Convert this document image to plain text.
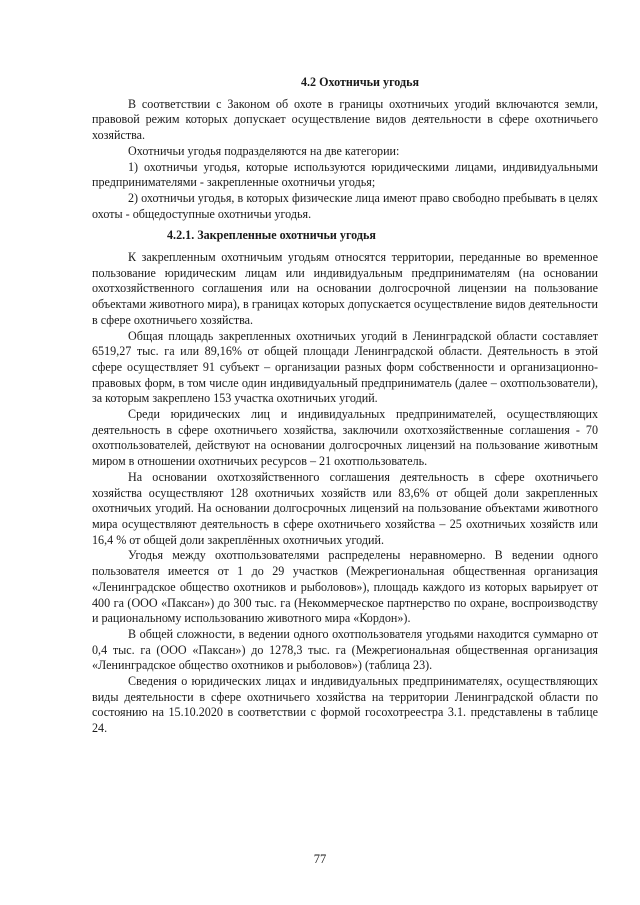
4.2 Охотничьи угодья

В соответствии с Законом об охоте в границы охотничьих угодий включаются земли, правовой режим которых допускает осуществление видов деятельности в сфере охотничьего хозяйства.

Охотничьи угодья подразделяются на две категории:

1) охотничьи угодья, которые используются юридическими лицами, индивидуальными предпринимателями - закрепленные охотничьи угодья;

2) охотничьи угодья, в которых физические лица имеют право свободно пребывать в целях охоты - общедоступные охотничьи угодья.

4.2.1. Закрепленные охотничьи угодья

К закрепленным охотничьим угодьям относятся территории, переданные во временное пользование юридическим лицам или индивидуальным предпринимателям (на основании охотхозяйственного соглашения или на основании долгосрочной лицензии на пользование объектами животного мира), в границах которых допускается осуществление видов деятельности в сфере охотничьего хозяйства.

Общая площадь закрепленных охотничьих угодий в Ленинградской области составляет 6519,27 тыс. га или 89,16% от общей площади Ленинградской области. Деятельность в этой сфере осуществляет 91 субъект – организации разных форм собственности и организационно-правовых форм, в том числе один индивидуальный предприниматель (далее – охотпользователи), за которым закреплено 153 участка охотничьих угодий.

Среди юридических лиц и индивидуальных предпринимателей, осуществляющих деятельность в сфере охотничьего хозяйства, заключили охотхозяйственные соглашения - 70 охотпользователей, действуют на основании долгосрочных лицензий на пользование животным миром в отношении охотничьих ресурсов – 21 охотпользователь.

На основании охотхозяйственного соглашения деятельность в сфере охотничьего хозяйства осуществляют 128 охотничьих хозяйств или 83,6% от общей доли закрепленных охотничьих угодий. На основании долгосрочных лицензий на пользование объектами животного мира осуществляют деятельность в сфере охотничьего хозяйства – 25 охотничьих хозяйств или 16,4 % от общей доли закреплённых охотничьих угодий.

Угодья между охотпользователями распределены неравномерно. В ведении одного пользователя имеется от 1 до 29 участков (Межрегиональная общественная организация «Ленинградское общество охотников и рыболовов»), площадь каждого из которых варьирует от 400 га (ООО «Паксан») до 300 тыс. га (Некоммерческое партнерство по охране, воспроизводству и рациональному использованию животного мира «Кордон»).

В общей сложности, в ведении одного охотпользователя угодьями находится суммарно от 0,4 тыс. га (ООО «Паксан») до 1278,3 тыс. га (Межрегиональная общественная организация «Ленинградское общество охотников и рыболовов») (таблица 23).

Сведения о юридических лицах и индивидуальных предпринимателях, осуществляющих виды деятельности в сфере охотничьего хозяйства на территории Ленинградской области по состоянию на 15.10.2020 в соответствии с формой госохотреестра 3.1. представлены в таблице 24.

77
